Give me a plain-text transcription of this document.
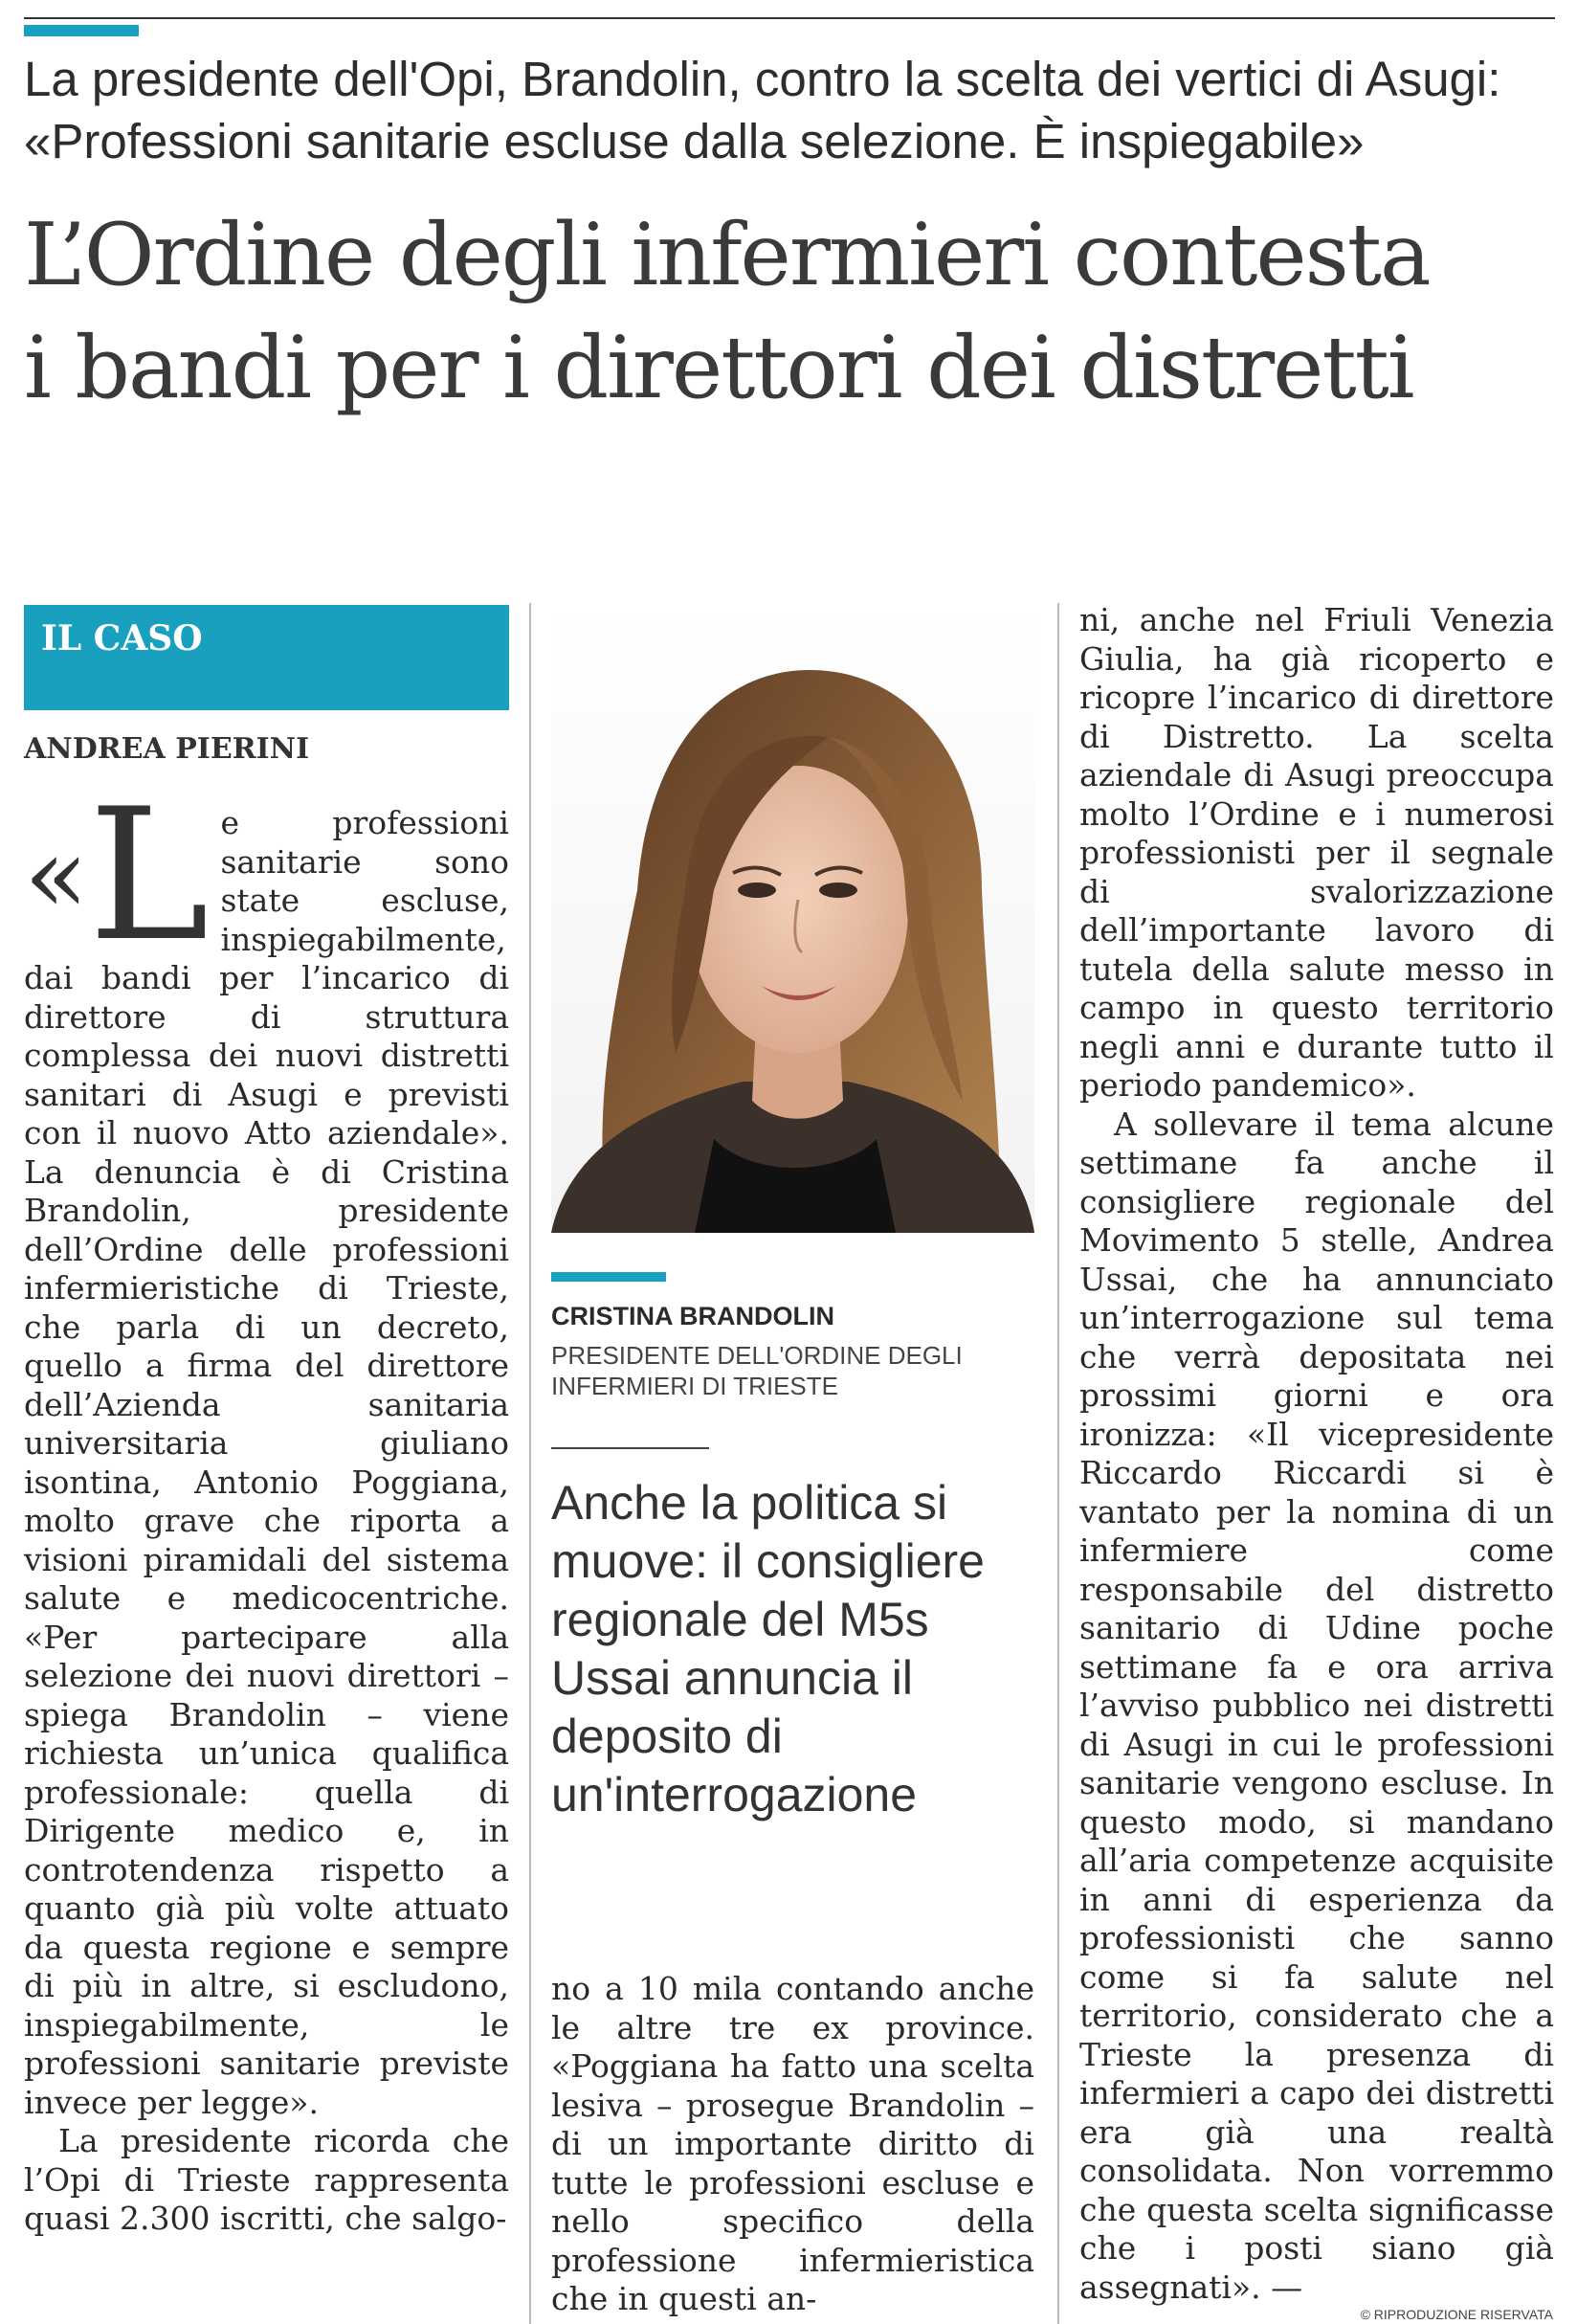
La presidente dell'Opi, Brandolin, contro la scelta dei vertici di Asugi:
«Professioni sanitarie escluse dalla selezione. È inspiegabile»
L’Ordine degli infermieri contesta
i bandi per i direttori dei distretti
IL CASO
ANDREA PIERINI
«L e professioni sanitarie sono state escluse, inspiegabilmente, dai bandi per l’incarico di direttore di struttura complessa dei nuovi distretti sanitari di Asugi e previsti con il nuovo Atto aziendale». La denuncia è di Cristina Brandolin, presidente dell’Ordine delle professioni infermieristiche di Trieste, che parla di un decreto, quello a firma del direttore dell’Azienda sanitaria universitaria giuliano isontina, Antonio Poggiana, molto grave che riporta a visioni piramidali del sistema salute e medicocentriche. «Per partecipare alla selezione dei nuovi direttori – spiega Brandolin – viene richiesta un’unica qualifica professionale: quella di Dirigente medico e, in controtendenza rispetto a quanto già più volte attuato da questa regione e sempre di più in altre, si escludono, inspiegabilmente, le professioni sanitarie previste invece per legge».

La presidente ricorda che l’Opi di Trieste rappresenta quasi 2.300 iscritti, che salgo-

CRISTINA BRANDOLIN
PRESIDENTE DELL'ORDINE DEGLI INFERMIERI DI TRIESTE
Anche la politica si muove: il consigliere regionale del M5s Ussai annuncia il deposito di un'interrogazione

no a 10 mila contando anche le altre tre ex province. «Poggiana ha fatto una scelta lesiva – prosegue Brandolin – di un importante diritto di tutte le professioni escluse e nello specifico della professione infermieristica che in questi an-

ni, anche nel Friuli Venezia Giulia, ha già ricoperto e ricopre l’incarico di direttore di Distretto. La scelta aziendale di Asugi preoccupa molto l’Ordine e i numerosi professionisti per il segnale di svalorizzazione dell’importante lavoro di tutela della salute messo in campo in questo territorio negli anni e durante tutto il periodo pandemico».

A sollevare il tema alcune settimane fa anche il consigliere regionale del Movimento 5 stelle, Andrea Ussai, che ha annunciato un’interrogazione sul tema che verrà depositata nei prossimi giorni e ora ironizza: «Il vicepresidente Riccardo Riccardi si è vantato per la nomina di un infermiere come responsabile del distretto sanitario di Udine poche settimane fa e ora arriva l’avviso pubblico nei distretti di Asugi in cui le professioni sanitarie vengono escluse. In questo modo, si mandano all’aria competenze acquisite in anni di esperienza da professionisti che sanno come si fa salute nel territorio, considerato che a Trieste la presenza di infermieri a capo dei distretti era già una realtà consolidata. Non vorremmo che questa scelta significasse che i posti siano già assegnati». —

© RIPRODUZIONE RISERVATA
